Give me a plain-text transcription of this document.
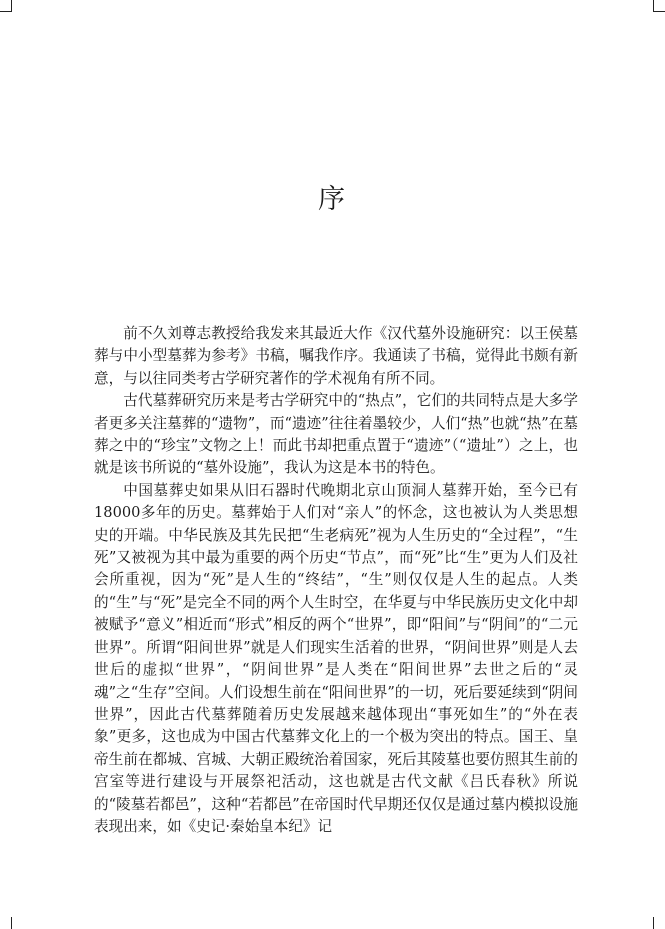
序

前不久刘尊志教授给我发来其最近大作《汉代墓外设施研究：以王侯墓葬与中小型墓葬为参考》书稿，嘱我作序。我通读了书稿，觉得此书颇有新意，与以往同类考古学研究著作的学术视角有所不同。

古代墓葬研究历来是考古学研究中的“热点”，它们的共同特点是大多学者更多关注墓葬的“遗物”，而“遗迹”往往着墨较少，人们“热”也就“热”在墓葬之中的“珍宝”文物之上！而此书却把重点置于“遗迹”（“遗址”）之上，也就是该书所说的“墓外设施”，我认为这是本书的特色。

中国墓葬史如果从旧石器时代晚期北京山顶洞人墓葬开始，至今已有18000多年的历史。墓葬始于人们对“亲人”的怀念，这也被认为人类思想史的开端。中华民族及其先民把“生老病死”视为人生历史的“全过程”，“生死”又被视为其中最为重要的两个历史“节点”，而“死”比“生”更为人们及社会所重视，因为“死”是人生的“终结”，“生”则仅仅是人生的起点。人类的“生”与“死”是完全不同的两个人生时空，在华夏与中华民族历史文化中却被赋予“意义”相近而“形式”相反的两个“世界”，即“阳间”与“阴间”的“二元世界”。所谓“阳间世界”就是人们现实生活着的世界，“阴间世界”则是人去世后的虚拟“世界”，“阴间世界”是人类在“阳间世界”去世之后的“灵魂”之“生存”空间。人们设想生前在“阳间世界”的一切，死后要延续到“阴间世界”，因此古代墓葬随着历史发展越来越体现出“事死如生”的“外在表象”更多，这也成为中国古代墓葬文化上的一个极为突出的特点。国王、皇帝生前在都城、宫城、大朝正殿统治着国家，死后其陵墓也要仿照其生前的宫室等进行建设与开展祭祀活动，这也就是古代文献《吕氏春秋》所说的“陵墓若都邑”，这种“若都邑”在帝国时代早期还仅仅是通过墓内模拟设施表现出来，如《史记·秦始皇本纪》记
